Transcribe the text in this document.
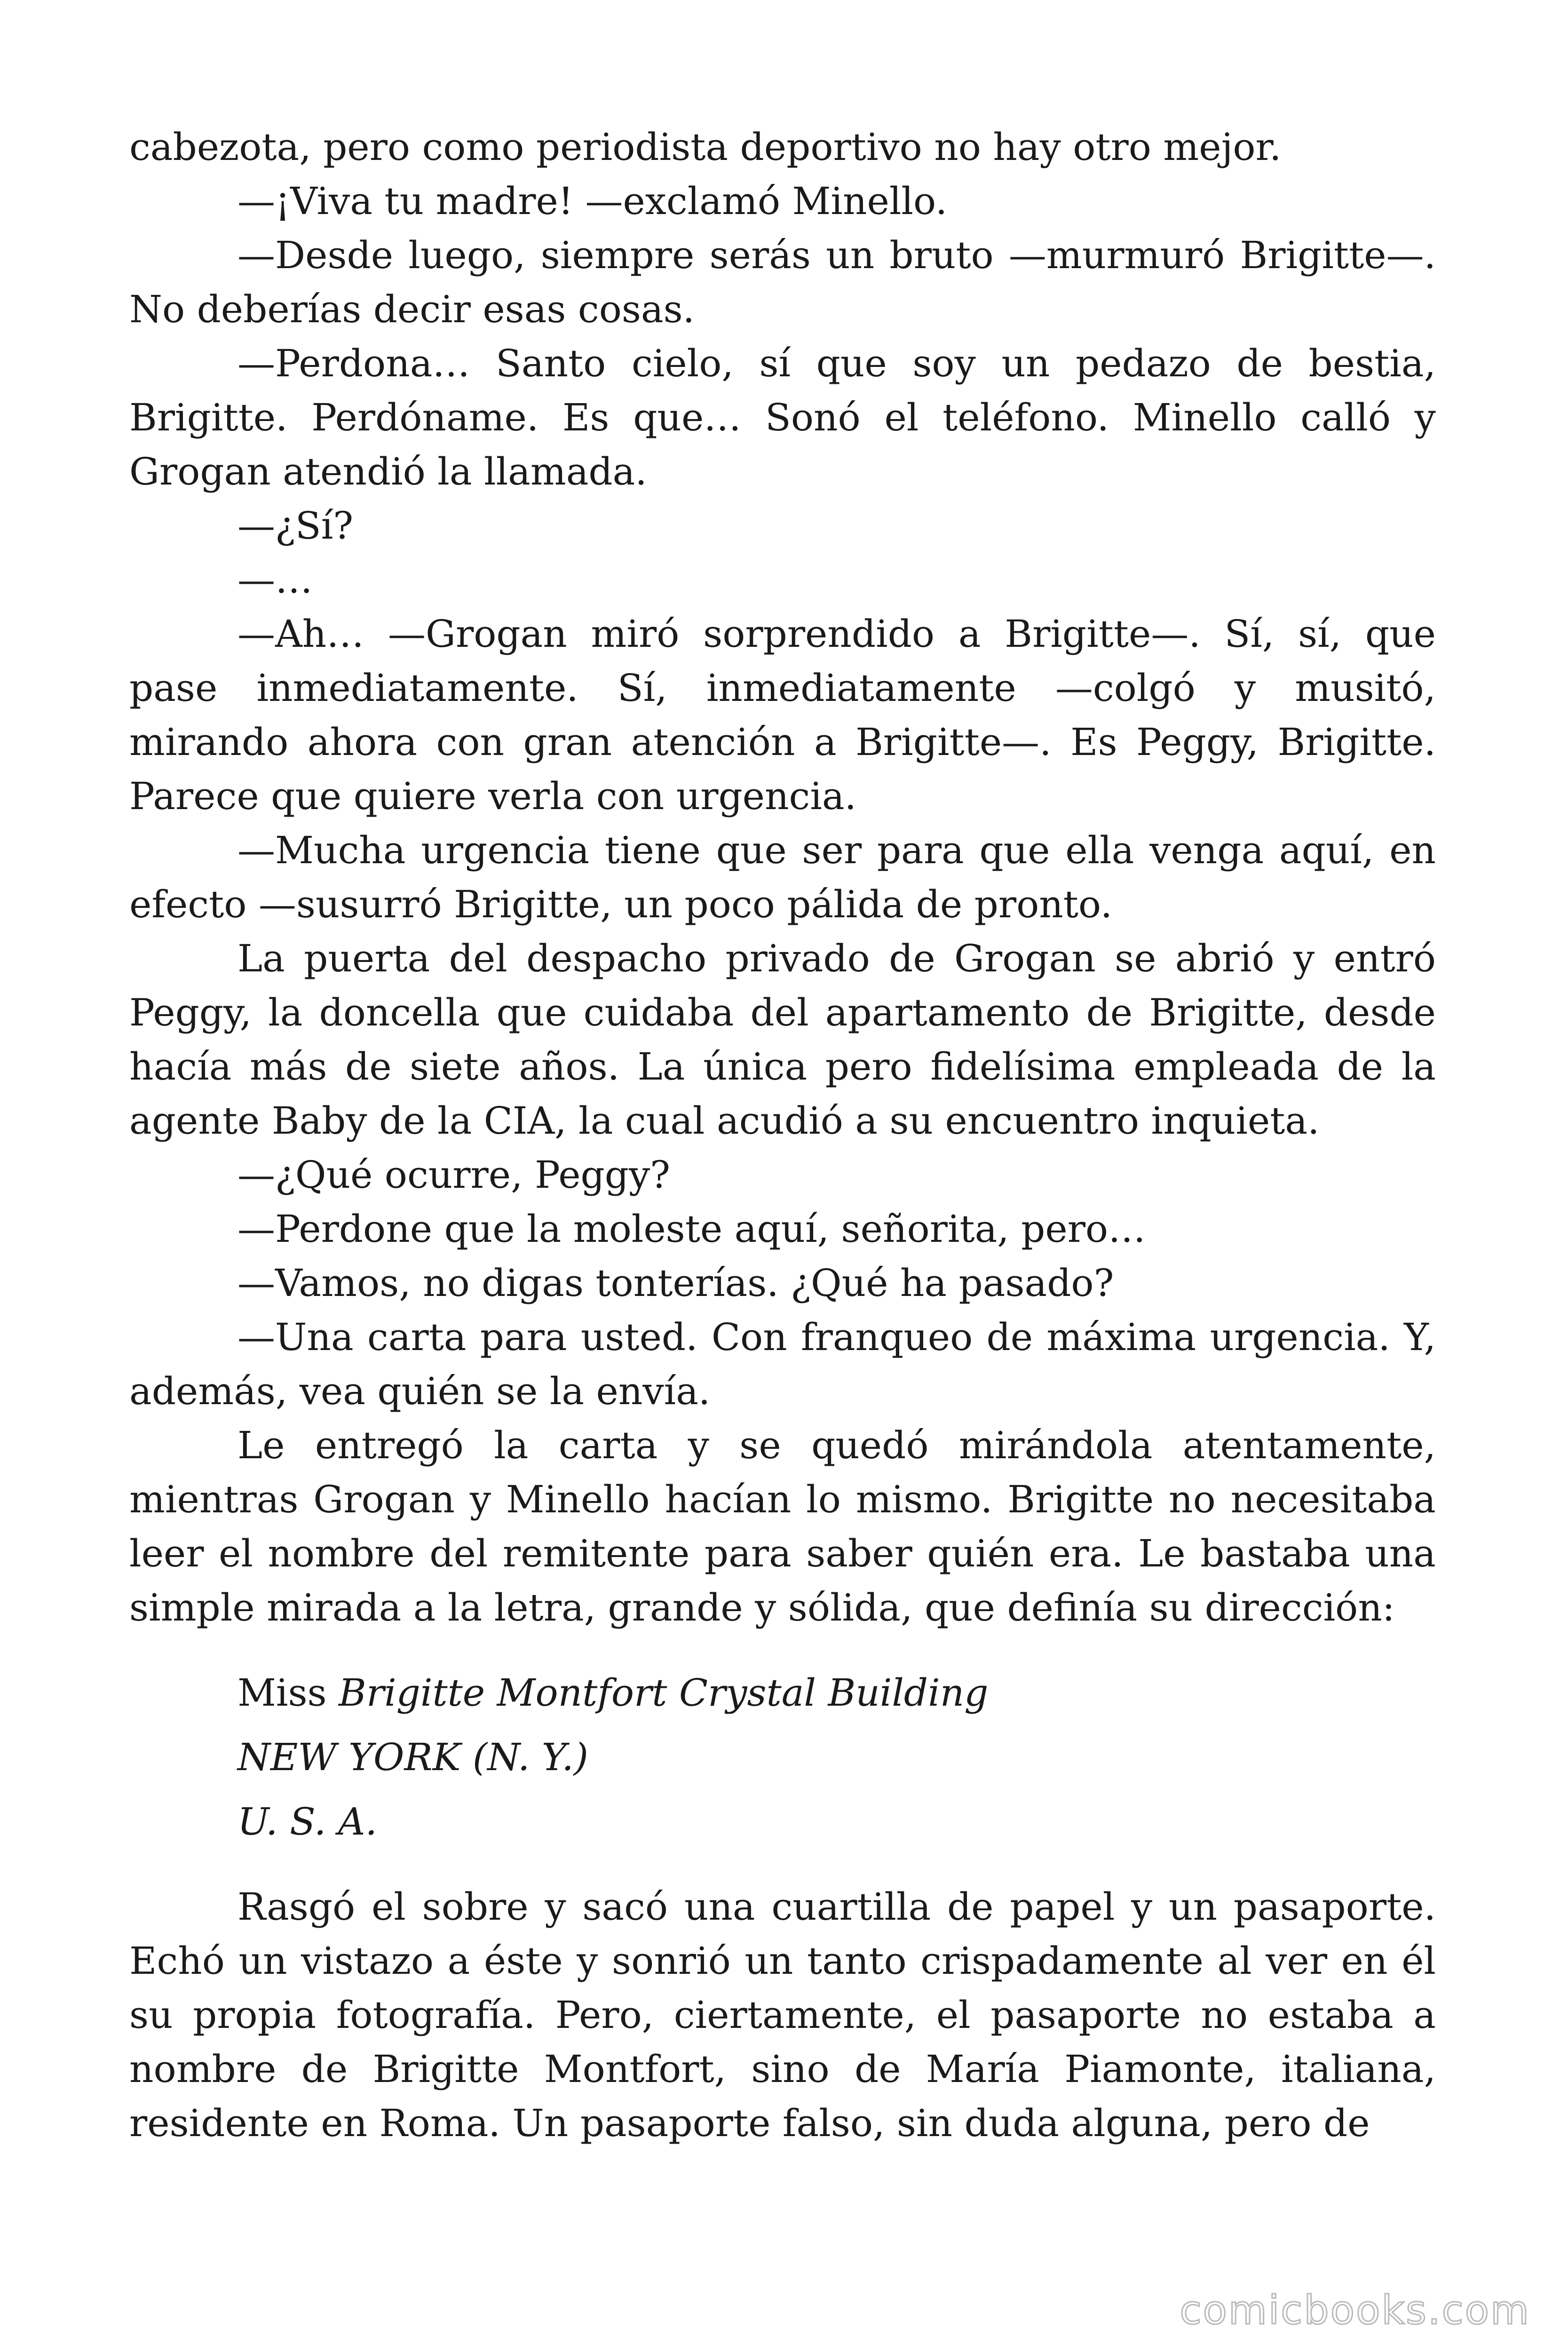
cabezota, pero como periodista deportivo no hay otro mejor.

—¡Viva tu madre! —exclamó Minello.

—Desde luego, siempre serás un bruto —murmuró Brigitte—. No deberías decir esas cosas.

—Perdona… Santo cielo, sí que soy un pedazo de bestia, Brigitte. Perdóname. Es que… Sonó el teléfono. Minello calló y Grogan atendió la llamada.

—¿Sí?

—…

—Ah… —Grogan miró sorprendido a Brigitte—. Sí, sí, que pase inmediatamente. Sí, inmediatamente —colgó y musitó, mirando ahora con gran atención a Brigitte—. Es Peggy, Brigitte. Parece que quiere verla con urgencia.

—Mucha urgencia tiene que ser para que ella venga aquí, en efecto —susurró Brigitte, un poco pálida de pronto.

La puerta del despacho privado de Grogan se abrió y entró Peggy, la doncella que cuidaba del apartamento de Brigitte, desde hacía más de siete años. La única pero fidelísima empleada de la agente Baby de la CIA, la cual acudió a su encuentro inquieta.

—¿Qué ocurre, Peggy?

—Perdone que la moleste aquí, señorita, pero…

—Vamos, no digas tonterías. ¿Qué ha pasado?

—Una carta para usted. Con franqueo de máxima urgencia. Y, además, vea quién se la envía.

Le entregó la carta y se quedó mirándola atentamente, mientras Grogan y Minello hacían lo mismo. Brigitte no necesitaba leer el nombre del remitente para saber quién era. Le bastaba una simple mirada a la letra, grande y sólida, que definía su dirección:

Miss Brigitte Montfort Crystal Building
NEW YORK (N. Y.)
U. S. A.

Rasgó el sobre y sacó una cuartilla de papel y un pasaporte. Echó un vistazo a éste y sonrió un tanto crispadamente al ver en él su propia fotografía. Pero, ciertamente, el pasaporte no estaba a nombre de Brigitte Montfort, sino de María Piamonte, italiana, residente en Roma. Un pasaporte falso, sin duda alguna, pero de

comicbooks.com
